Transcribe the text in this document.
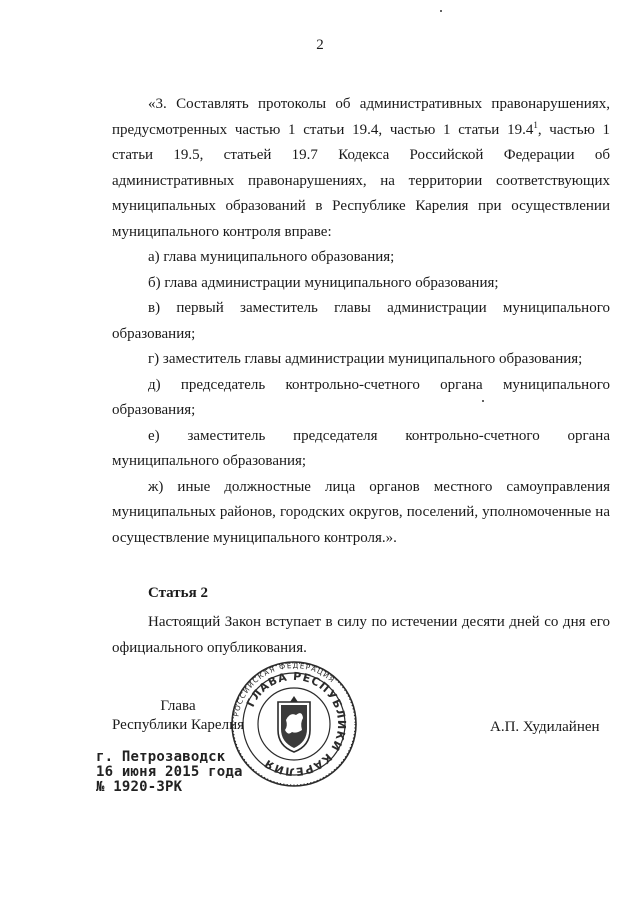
2

«3. Составлять протоколы об административных правонарушениях, предусмотренных частью 1 статьи 19.4, частью 1 статьи 19.4$^1$, частью 1 статьи 19.5, статьей 19.7 Кодекса Российской Федерации об административных правонарушениях, на территории соответствующих муниципальных образований в Республике Карелия при осуществлении муниципального контроля вправе:

а) глава муниципального образования;

б) глава администрации муниципального образования;

в) первый заместитель главы администрации муниципального образования;

г) заместитель главы администрации муниципального образования;

д) председатель контрольно-счетного органа муниципального образования;

е) заместитель председателя контрольно-счетного органа муниципального образования;

ж) иные должностные лица органов местного самоуправления муниципальных районов, городских округов, поселений, уполномоченные на осуществление муниципального контроля.».

Статья 2

Настоящий Закон вступает в силу по истечении десяти дней со дня его официального опубликования.

РОССИЙСКАЯ ФЕДЕРАЦИЯ
ГЛАВА РЕСПУБЛИКИ КАРЕЛИЯ
Глава
Республики Карелия	А.П. Худилайнен
г. Петрозаводск
16 июня 2015 года
№ 1920-ЗРК
